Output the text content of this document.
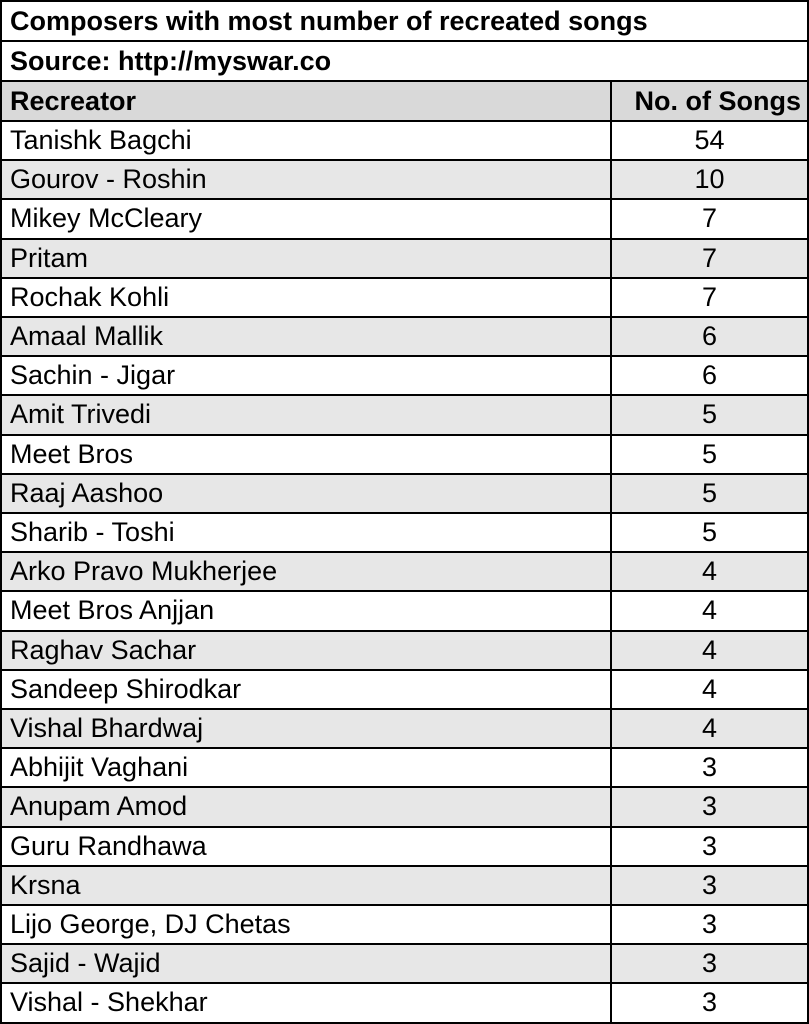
Composers with most number of recreated songs
Source: http://myswar.co
Recreator	No. of Songs
Tanishk Bagchi	54
Gourov - Roshin	10
Mikey McCleary	7
Pritam	7
Rochak Kohli	7
Amaal Mallik	6
Sachin - Jigar	6
Amit Trivedi	5
Meet Bros	5
Raaj Aashoo	5
Sharib - Toshi	5
Arko Pravo Mukherjee	4
Meet Bros Anjjan	4
Raghav Sachar	4
Sandeep Shirodkar	4
Vishal Bhardwaj	4
Abhijit Vaghani	3
Anupam Amod	3
Guru Randhawa	3
Krsna	3
Lijo George, DJ Chetas	3
Sajid - Wajid	3
Vishal - Shekhar	3
